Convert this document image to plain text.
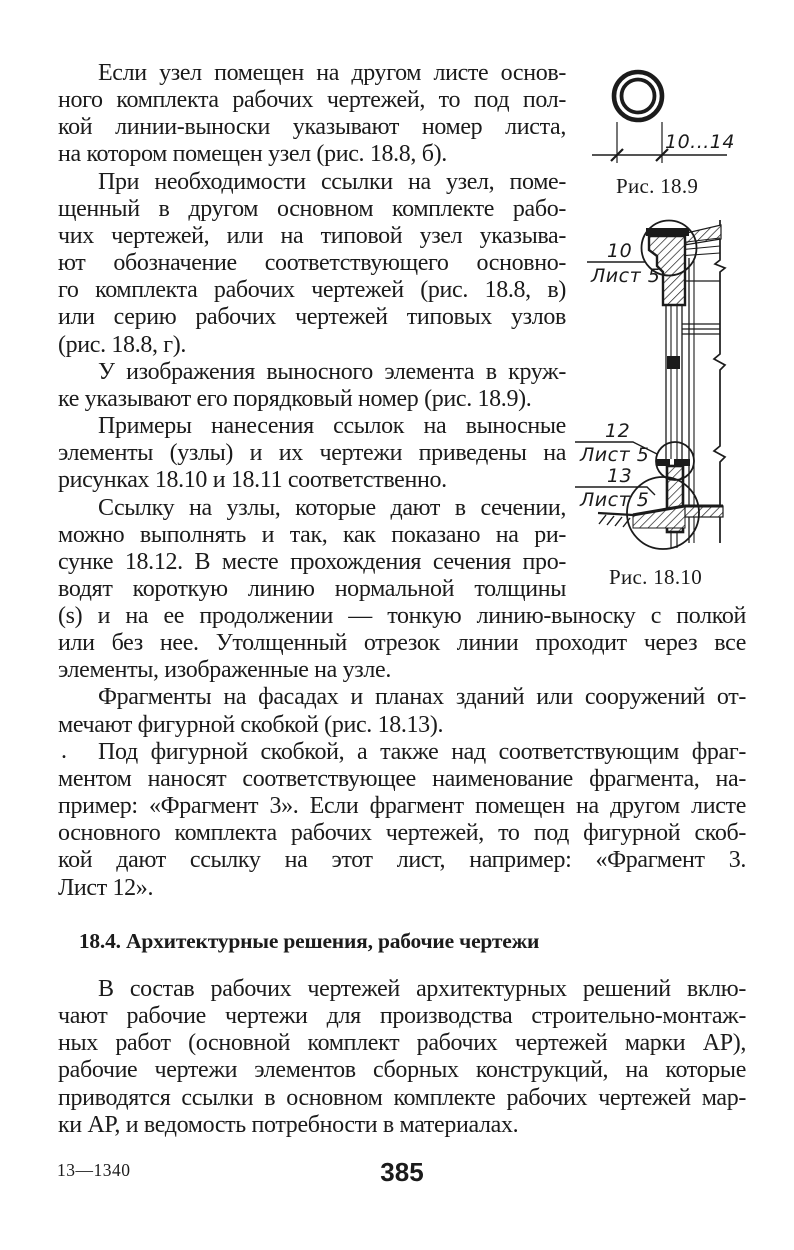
Если узел помещен на другом листе основ-
ного комплекта рабочих чертежей, то под пол-
кой линии-выноски указывают номер листа,
на котором помещен узел (рис. 18.8, б).
При необходимости ссылки на узел, поме-
щенный в другом основном комплекте рабо-
чих чертежей, или на типовой узел указыва-
ют обозначение соответствующего основно-
го комплекта рабочих чертежей (рис. 18.8, в)
или серию рабочих чертежей типовых узлов
(рис. 18.8, г).
У изображения выносного элемента в круж-
ке указывают его порядковый номер (рис. 18.9).
Примеры нанесения ссылок на выносные
элементы (узлы) и их чертежи приведены на
рисунках 18.10 и 18.11 соответственно.
Ссылку на узлы, которые дают в сечении,
можно выполнять и так, как показано на ри-
сунке 18.12. В месте прохождения сечения про-
водят короткую линию нормальной толщины
(s) и на ее продолжении — тонкую линию-выноску с полкой
или без нее. Утолщенный отрезок линии проходит через все
элементы, изображенные на узле.
Фрагменты на фасадах и планах зданий или сооружений от-
мечают фигурной скобкой (рис. 18.13).
Под фигурной скобкой, а также над соответствующим фраг-
ментом наносят соответствующее наименование фрагмента, на-
пример: «Фрагмент 3». Если фрагмент помещен на другом листе
основного комплекта рабочих чертежей, то под фигурной скоб-
кой дают ссылку на этот лист, например: «Фрагмент 3.
Лист 12».
.
18.4. Архитектурные решения, рабочие чертежи
В состав рабочих чертежей архитектурных решений вклю-
чают рабочие чертежи для производства строительно-монтаж-
ных работ (основной комплект рабочих чертежей марки АР),
рабочие чертежи элементов сборных конструкций, на которые
приводятся ссылки в основном комплекте рабочих чертежей мар-
ки АР, и ведомость потребности в материалах.
10...14
Рис. 18.9
10
Лист 5
12
Лист 5
13
Лист 5
Рис. 18.10
13—1340	385
